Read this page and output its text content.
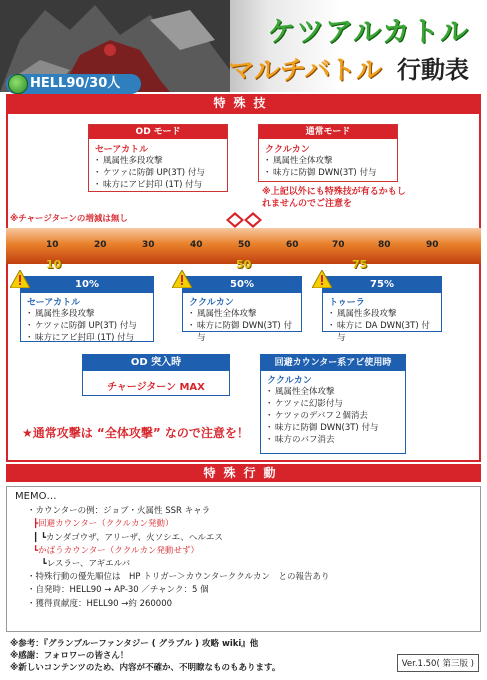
ケツアルカトル
マルチバトル 行動表
HELL90/30人
特殊技
OD モード
セーアカトル
・ 風属性多段攻撃
・ ケツァに防御 UP(3T) 付与
・ 味方にアビ封印 (1T) 付与
通常モード
ククルカン
・ 風属性全体攻撃
・ 味方に防御 DWN(3T) 付与
※上記以外にも特殊技が有るかもしれませんのでご注意を
※チャージターンの増減は無し
10	20	30	40	50	60	70	80	90
10	50	75
10%
セーアカトル
・ 風属性多段攻撃
・ ケツァに防御 UP(3T) 付与
・ 味方にアビ封印 (1T) 付与
50%
ククルカン
・ 風属性全体攻撃
・ 味方に防御 DWN(3T) 付与
75%
トゥーラ
・ 風属性多段攻撃
・ 味方に DA DWN(3T) 付与
OD 突入時
チャージターン MAX
回避カウンター系アビ使用時
ククルカン
・ 風属性全体攻撃
・ ケツァに幻影付与
・ ケツァのデバフ２個消去
・ 味方に防御 DWN(3T) 付与
・ 味方のバフ消去
★通常攻撃は “全体攻撃” なので注意を！
特殊行動
MEMO…
・カウンターの例：ジョブ・火属性 SSR キャラ
┣回避カウンター（ククルカン発動）
┃ ┗カンダゴウザ、アリーザ、火ソシエ、ヘルエス
┗かばうカウンター（ククルカン発動せず）
　┗レスラー、アギエルバ
・特殊行動の優先順位は　HP トリガー＞カウンターククルカン　との報告あり
・自発時：HELL90 → AP-30 ／チャンク：5 個
・獲得貢献度：HELL90 →約 260000
※参考：『グランブルーファンタジー ( グラブル ) 攻略 wiki』他
※感謝：フォロワーの皆さん！
※新しいコンテンツのため、内容が不確か、不明瞭なものもあります。	Ver.1.50( 第三版 )
